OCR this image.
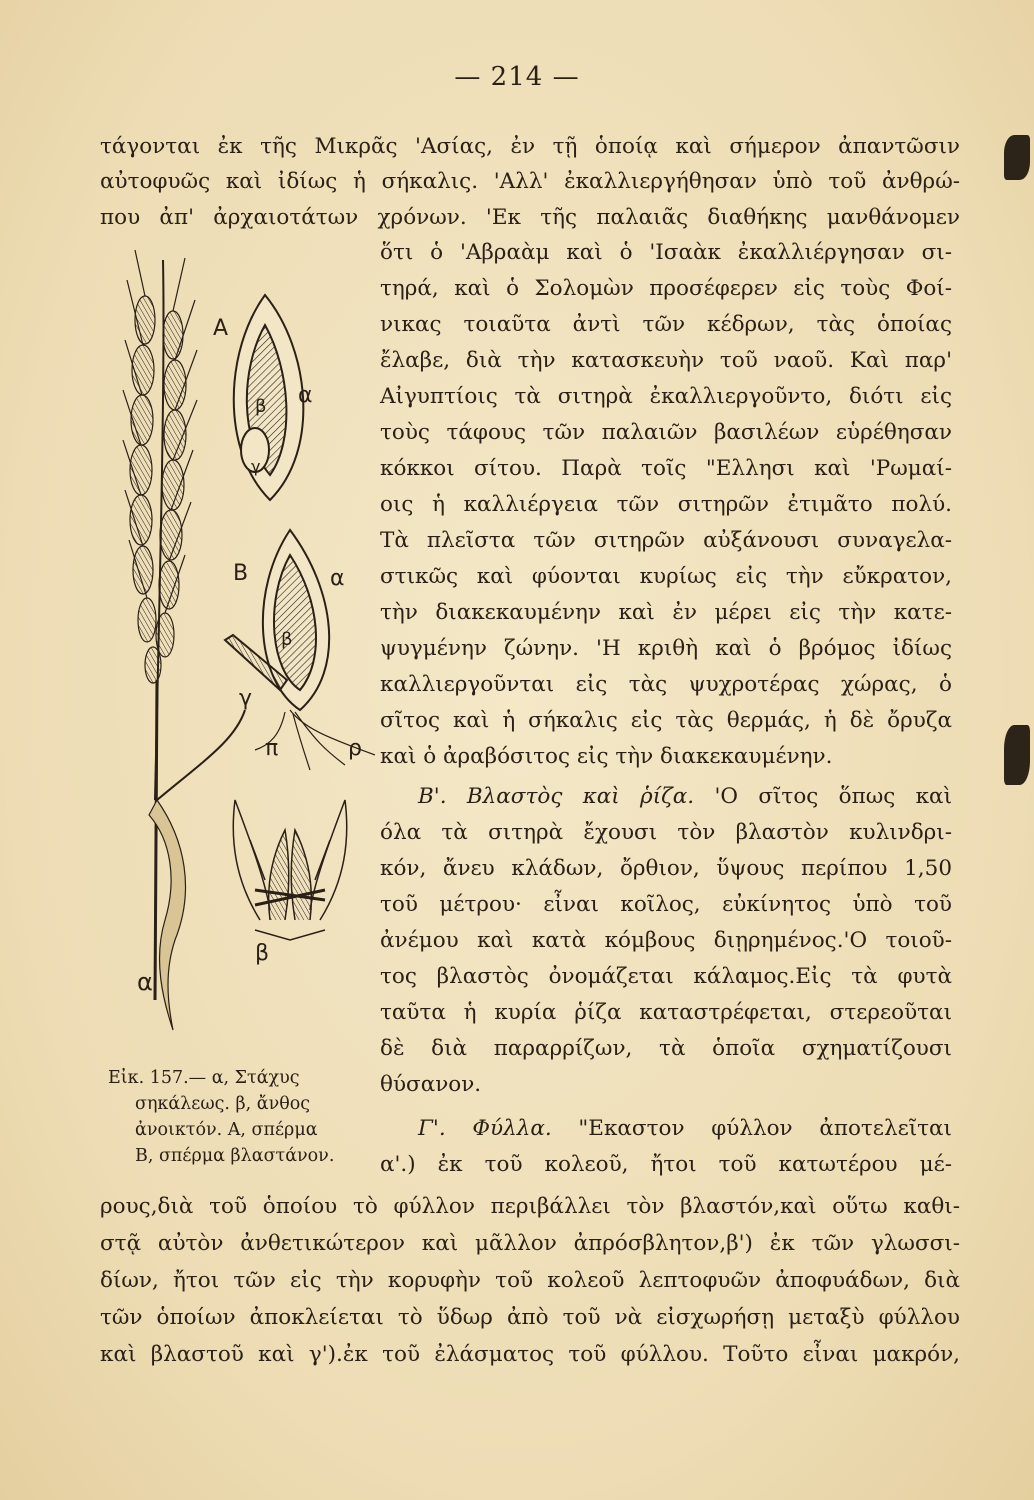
— 214 —
τάγονται ἐκ τῆς Μικρᾶς 'Ασίας, ἐν τῇ ὁποίᾳ καὶ σήμερον ἀπαντῶσιν
αὐτοφυῶς καὶ ἰδίως ἡ σήκαλις. 'Αλλ' ἐκαλλιεργήθησαν ὑπὸ τοῦ ἀνθρώ-
που ἀπ' ἀρχαιοτάτων χρόνων. 'Εκ τῆς παλαιᾶς διαθήκης μανθάνομεν
ὅτι ὁ 'Αβραὰμ καὶ ὁ 'Ισαὰκ ἐκαλλιέργησαν σι-
τηρά, καὶ ὁ Σολομὼν προσέφερεν εἰς τοὺς Φοί-
νικας τοιαῦτα ἀντὶ τῶν κέδρων, τὰς ὁποίας
ἔλαβε, διὰ τὴν κατασκευὴν τοῦ ναοῦ. Καὶ παρ'
Αἰγυπτίοις τὰ σιτηρὰ ἐκαλλιεργοῦντο, διότι εἰς
τοὺς τάφους τῶν παλαιῶν βασιλέων εὑρέθησαν
κόκκοι σίτου. Παρὰ τοῖς "Ελλησι καὶ 'Ρωμαί-
οις ἡ καλλιέργεια τῶν σιτηρῶν ἐτιμᾶτο πολύ.
Τὰ πλεῖστα τῶν σιτηρῶν αὐξάνουσι συναγελα-
στικῶς καὶ φύονται κυρίως εἰς τὴν εὔκρατον,
τὴν διακεκαυμένην καὶ ἐν μέρει εἰς τὴν κατε-
ψυγμένην ζώνην. 'Η κριθὴ καὶ ὁ βρόμος ἰδίως
καλλιεργοῦνται εἰς τὰς ψυχροτέρας χώρας, ὁ
σῖτος καὶ ἡ σήκαλις εἰς τὰς θερμάς, ἡ δὲ ὄρυζα
καὶ ὁ ἀραβόσιτος εἰς τὴν διακεκαυμένην.
Β'. Βλαστὸς καὶ ῥίζα. 'Ο σῖτος ὅπως καὶ
όλα τὰ σιτηρὰ ἔχουσι τὸν βλαστὸν κυλινδρι-
κόν, ἄνευ κλάδων, ὄρθιον, ὕψους περίπου 1,50
τοῦ μέτρου· εἶναι κοῖλος, εὐκίνητος ὑπὸ τοῦ
ἀνέμου καὶ κατὰ κόμβους διῃρημένος.'Ο τοιοῦ-
τος βλαστὸς ὀνομάζεται κάλαμος.Εἰς τὰ φυτὰ
ταῦτα ἡ κυρία ῥίζα καταστρέφεται, στερεοῦται
δὲ διὰ παραρρίζων, τὰ ὁποῖα σχηματίζουσι
θύσανον.
Γ'. Φύλλα. "Εκαστον φύλλον ἀποτελεῖται
α'.) ἐκ τοῦ κολεοῦ, ἤτοι τοῦ κατωτέρου μέ-
ρους,διὰ τοῦ ὁποίου τὸ φύλλον περιβάλλει τὸν βλαστόν,καὶ οὕτω καθι-
στᾷ αὐτὸν ἀνθετικώτερον καὶ μᾶλλον ἀπρόσβλητον,β') ἐκ τῶν γλωσσι-
δίων, ἤτοι τῶν εἰς τὴν κορυφὴν τοῦ κολεοῦ λεπτοφυῶν ἀποφυάδων, διὰ
τῶν ὁποίων ἀποκλείεται τὸ ὕδωρ ἀπὸ τοῦ νὰ εἰσχωρήσῃ μεταξὺ φύλλου
καὶ βλαστοῦ καὶ γ').ἐκ τοῦ ἐλάσματος τοῦ φύλλου. Τοῦτο εἶναι μακρόν,
A
α
β
γ
B	α
β
γ
π	ρ
β
α
Εἰκ. 157.— α, Στάχυς
σηκάλεως. β, ἄνθος
ἀνοικτόν. Α, σπέρμα
Β, σπέρμα βλαστάνον.
